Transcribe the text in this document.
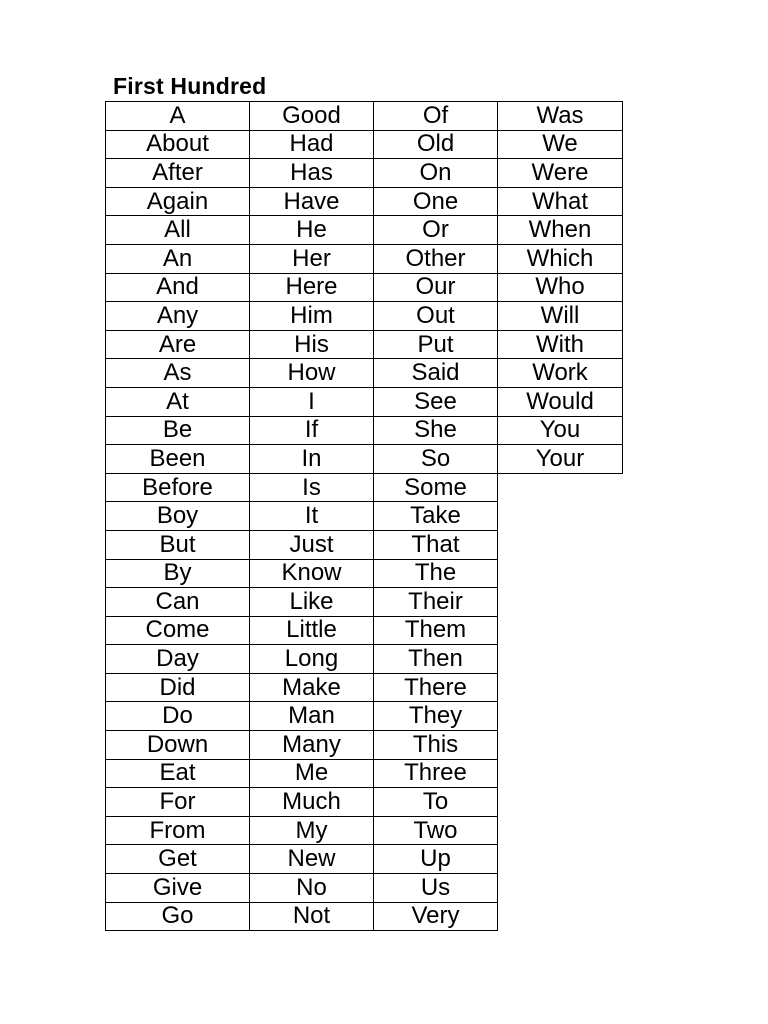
First Hundred
A	Good	Of	Was
About	Had	Old	We
After	Has	On	Were
Again	Have	One	What
All	He	Or	When
An	Her	Other	Which
And	Here	Our	Who
Any	Him	Out	Will
Are	His	Put	With
As	How	Said	Work
At	I	See	Would
Be	If	She	You
Been	In	So	Your
Before	Is	Some	
Boy	It	Take	
But	Just	That	
By	Know	The	
Can	Like	Their	
Come	Little	Them	
Day	Long	Then	
Did	Make	There	
Do	Man	They	
Down	Many	This	
Eat	Me	Three	
For	Much	To	
From	My	Two	
Get	New	Up	
Give	No	Us	
Go	Not	Very	
